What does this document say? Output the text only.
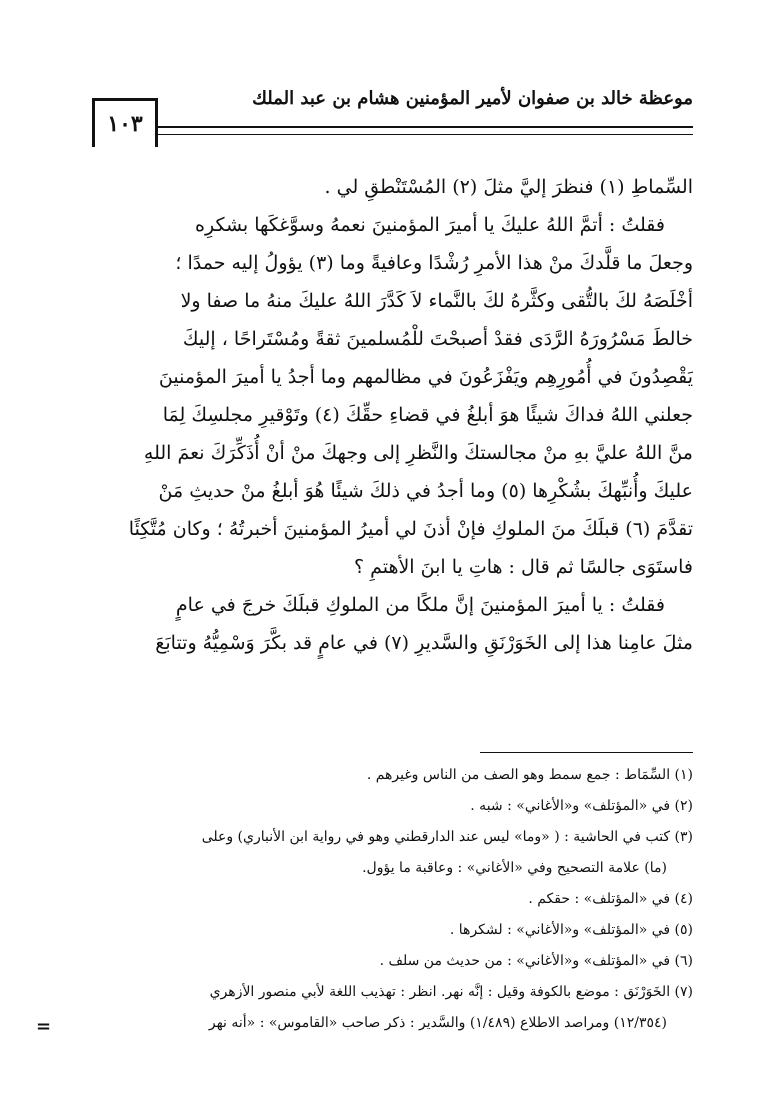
موعظة خالد بن صفوان لأمير المؤمنين هشام بن عبد الملك
١٠٣
السِّماطِ (١) فنظرَ إليَّ مثلَ (٢) المُسْتَنْطقِ لي .
فقلتُ : أتمَّ اللهُ عليكَ يا أميرَ المؤمنينَ نعمهُ وسوَّغكَها بشكرِه
وجعلَ ما قلَّدكَ منْ هذا الأمرِ رُشْدًا وعافيةً وما (٣) يؤولُ إليه حمدًا ؛
أخْلَصَهُ لكَ بالتُّقى وكثَّرهُ لكَ بالنَّماء لاَ كَدَّرَ اللهُ عليكَ منهُ ما صفا ولا
خالطَ مَسْرُورَهُ الرَّدَى فقدْ أصبحْتَ للْمُسلمينَ ثقةً ومُسْتَراحًا ، إليكَ
يَقْصِدُونَ في أُمُورِهِم ويَفْزَعُونَ في مظالمهم وما أجدُ يا أميرَ المؤمنينَ
جعلني اللهُ فداكَ شيئًا هوَ أبلغُ في قضاءِ حقِّكَ (٤) وتَوْقيرِ مجلسِكَ لِمَا
منَّ اللهُ عليَّ بهِ منْ مجالستكَ والنَّظرِ إلى وجهكَ منْ أنْ أُذَكِّرَكَ نعمَ اللهِ
عليكَ وأُنبِّهكَ بشُكْرِها (٥) وما أجدُ في ذلكَ شيئًا هُوَ أبلغُ منْ حديثِ مَنْ
تقدَّمَ (٦) قبلَكَ منَ الملوكِ فإنْ أذنَ لي أميرُ المؤمنينَ أخبرتُهُ ؛ وكان مُتَّكِئًا
فاستَوَى جالسًا ثم قال : هاتِ يا ابنَ الأهتمِ ؟
فقلتُ : يا أميرَ المؤمنينَ إنَّ ملكًا من الملوكِ قبلَكَ خرجَ في عامٍ
مثلَ عامِنا هذا إلى الخَوَرْنَقِ والسَّديرِ (٧) في عامٍ قد بكَّرَ وَسْمِيُّهُ وتتابَعَ
(١) السِّمَاط : جمع سمط وهو الصف من الناس وغيرهم .
(٢) في «المؤتلف» و«الأغاني» : شبه .
(٣) كتب في الحاشية : ( «وما» ليس عند الدارقطني وهو في رواية ابن الأنباري) وعلى
(ما) علامة التصحيح وفي «الأغاني» : وعاقبة ما يؤول.
(٤) في «المؤتلف» : حقكم .
(٥) في «المؤتلف» و«الأغاني» : لشكرها .
(٦) في «المؤتلف» و«الأغاني» : من حديث من سلف .
(٧) الخَوَرْنَق : موضع بالكوفة وقيل : إنَّه نهر. انظر : تهذيب اللغة لأبي منصور الأزهري
(١٢/٣٥٤) ومراصد الاطلاع (١/٤٨٩) والسَّدير : ذكر صاحب «القاموس» : «أنه نهر
=
